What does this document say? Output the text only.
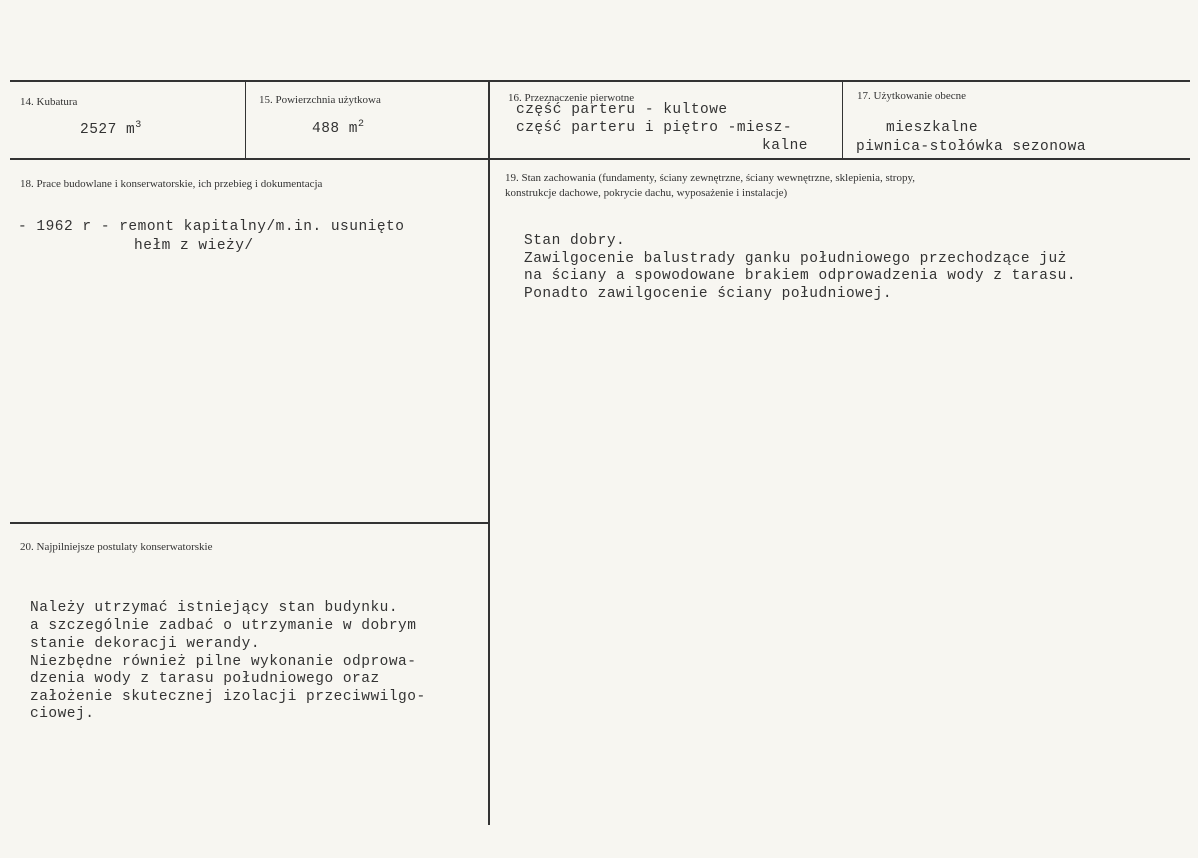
14. Kubatura
2527 $m^3$
15. Powierzchnia użytkowa
488 $m^2$
16. Przeznaczenie pierwotne
część parteru - kultowe
część parteru i piętro -miesz-
kalne
17. Użytkowanie obecne
mieszkalne
piwnica-stołówka sezonowa
18. Prace budowlane i konserwatorskie, ich przebieg i dokumentacja
- 1962 r - remont kapitalny/m.in. usunięto
hełm z wieży/
19. Stan zachowania (fundamenty, ściany zewnętrzne, ściany wewnętrzne, sklepienia, stropy,
konstrukcje dachowe, pokrycie dachu, wyposażenie i instalacje)
Stan dobry.
Zawilgocenie balustrady ganku południowego przechodzące już
na ściany a spowodowane brakiem odprowadzenia wody z tarasu.
Ponadto zawilgocenie ściany południowej.
20. Najpilniejsze postulaty konserwatorskie
Należy utrzymać istniejący stan budynku.
a szczególnie zadbać o utrzymanie w dobrym
stanie dekoracji werandy.
Niezbędne również pilne wykonanie odprowa-
dzenia wody z tarasu południowego oraz
założenie skutecznej izolacji przeciwwilgo-
ciowej.
